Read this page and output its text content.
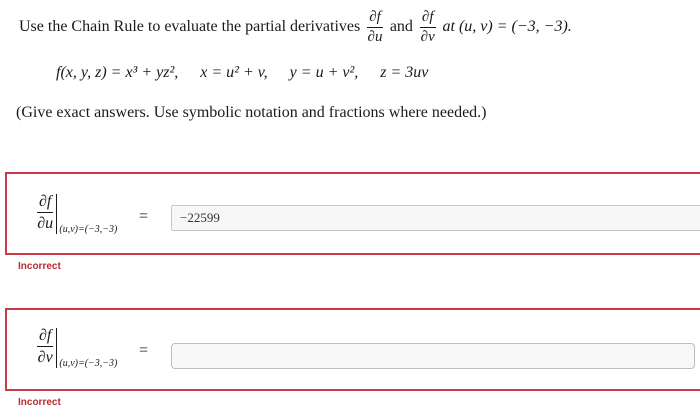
Use the Chain Rule to evaluate the partial derivatives $\frac{\partial f}{\partial u}$ and $\frac{\partial f}{\partial v}$ at (u, v) = (−3, −3).
f(x, y, z) = x³ + yz², x = u² + v, y = u + v², z = 3uv
(Give exact answers. Use symbolic notation and fractions where needed.)
$\frac{\partial f}{\partial u} (u,v)=(-3,-3)$
=	−22599
Incorrect
$\frac{\partial f}{\partial v} (u,v)=(-3,-3)$
=
Incorrect
